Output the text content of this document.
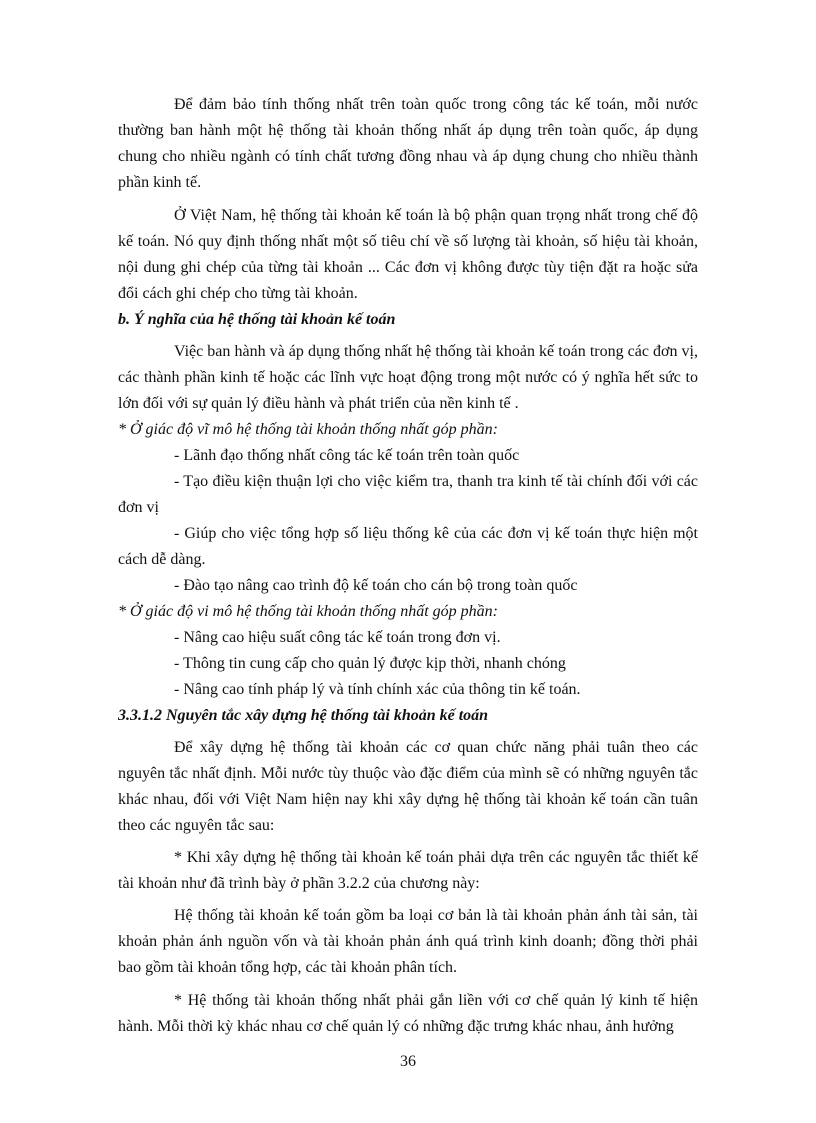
Để đảm bảo tính thống nhất trên toàn quốc trong công tác kế toán, mỗi nước thường ban hành một hệ thống tài khoản thống nhất áp dụng trên toàn quốc, áp dụng chung cho nhiều ngành có tính chất tương đồng nhau và áp dụng chung cho nhiều thành phần kinh tế.

Ở Việt Nam, hệ thống tài khoản kế toán là bộ phận quan trọng nhất trong chế độ kế toán. Nó quy định thống nhất một số tiêu chí về số lượng tài khoản, số hiệu tài khoản, nội dung ghi chép của từng tài khoản ... Các đơn vị không được tùy tiện đặt ra hoặc sửa đổi cách ghi chép cho từng tài khoản.

b. Ý nghĩa của hệ thống tài khoản kế toán

Việc ban hành và áp dụng thống nhất hệ thống tài khoản kế toán trong các đơn vị, các thành phần kinh tế hoặc các lĩnh vực hoạt động trong một nước có ý nghĩa hết sức to lớn đối với sự quản lý điều hành và phát triển của nền kinh tế .

* Ở giác độ vĩ mô hệ thống tài khoản thống nhất góp phần:

- Lãnh đạo thống nhất công tác kế toán trên toàn quốc

- Tạo điều kiện thuận lợi cho việc kiểm tra, thanh tra kinh tế tài chính đối với các đơn vị

- Giúp cho việc tổng hợp số liệu thống kê của các đơn vị kế toán thực hiện một cách dễ dàng.

- Đào tạo nâng cao trình độ kế toán cho cán bộ trong toàn quốc

* Ở giác độ vi mô hệ thống tài khoản thống nhất góp phần:

- Nâng cao hiệu suất công tác kế toán trong đơn vị.

- Thông tin cung cấp cho quản lý được kịp thời, nhanh chóng

- Nâng cao tính pháp lý và tính chính xác của thông tin kế toán.

3.3.1.2 Nguyên tắc xây dựng hệ thống tài khoản kế toán

Để xây dựng hệ thống tài khoản các cơ quan chức năng phải tuân theo các nguyên tắc nhất định. Mỗi nước tùy thuộc vào đặc điểm của mình sẽ có những nguyên tắc khác nhau, đối với Việt Nam hiện nay khi xây dựng hệ thống tài khoản kế toán cần tuân theo các nguyên tắc sau:

* Khi xây dựng hệ thống tài khoản kế toán phải dựa trên các nguyên tắc thiết kế tài khoản như đã trình bày ở phần 3.2.2 của chương này:

Hệ thống tài khoản kế toán gồm ba loại cơ bản là tài khoản phản ánh tài sản, tài khoản phản ánh nguồn vốn và tài khoản phản ánh quá trình kinh doanh; đồng thời phải bao gồm tài khoản tổng hợp, các tài khoản phân tích.

* Hệ thống tài khoản thống nhất phải gắn liền với cơ chế quản lý kinh tế hiện hành. Mỗi thời kỳ khác nhau cơ chế quản lý có những đặc trưng khác nhau, ảnh hưởng

36
